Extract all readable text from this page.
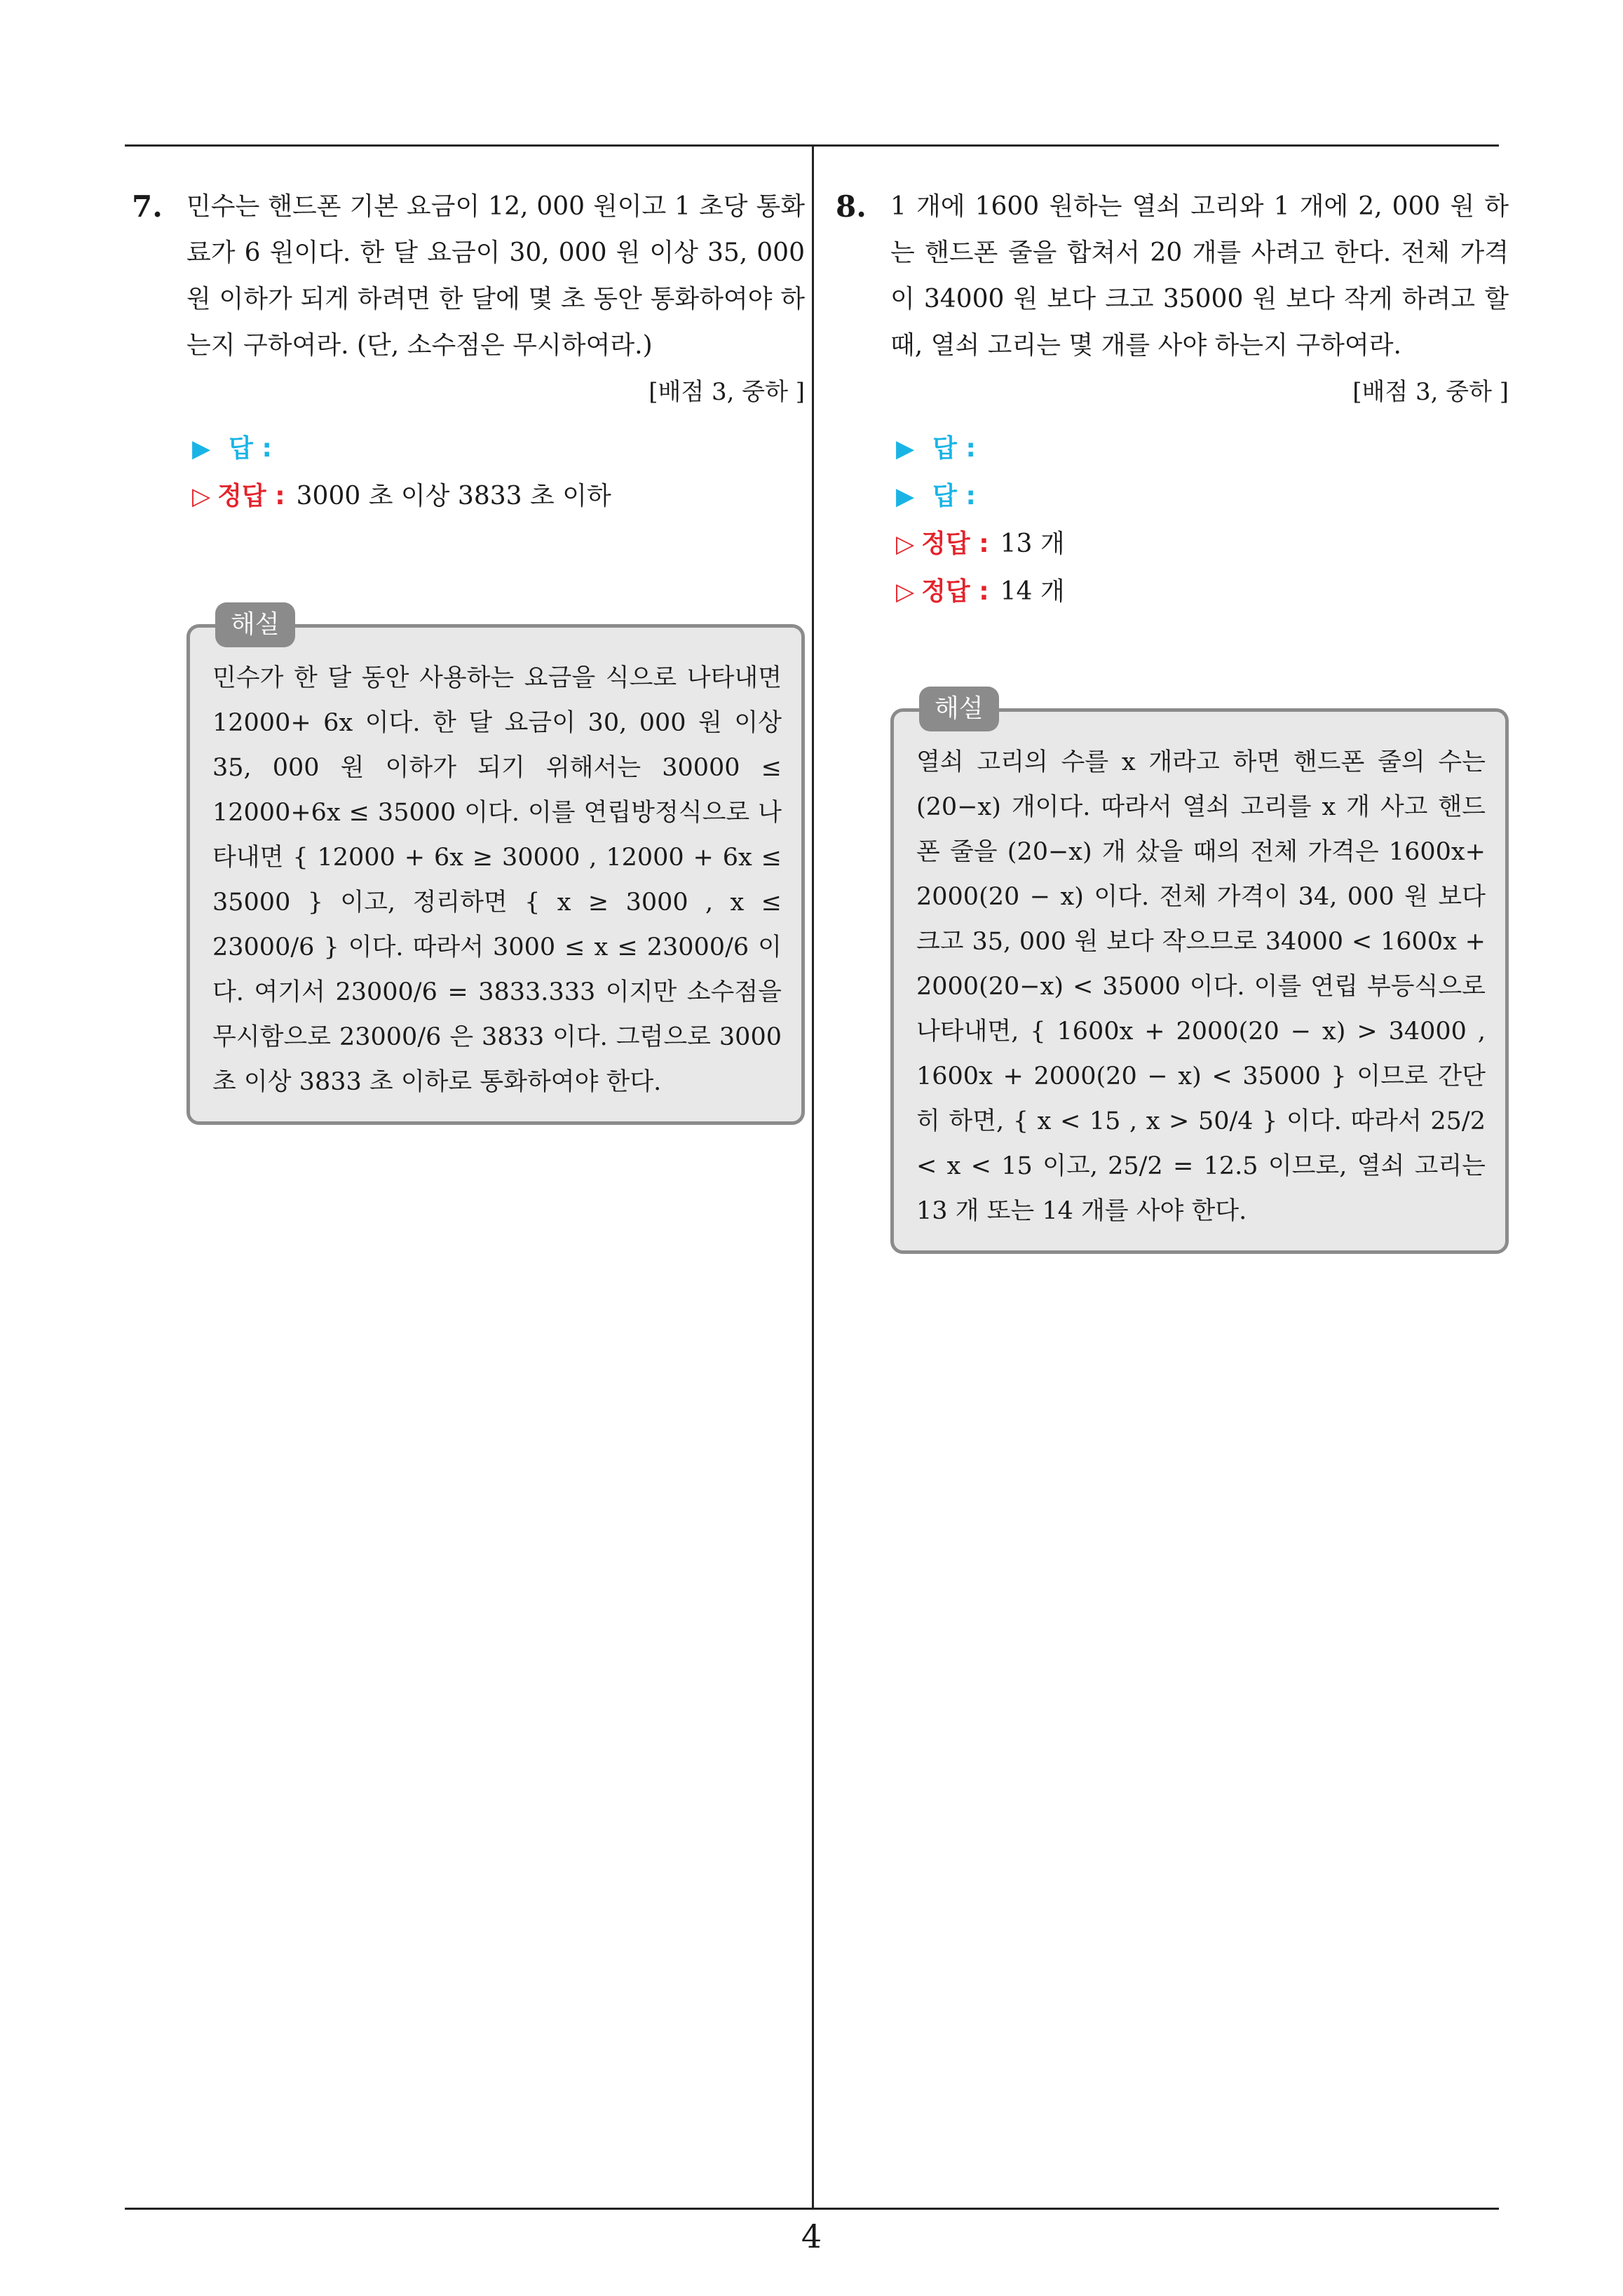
7. 민수는 핸드폰 기본 요금이 12, 000 원이고 1 초당 통화료가 6 원이다. 한 달 요금이 30, 000 원 이상 35, 000 원 이하가 되게 하려면 한 달에 몇 초 동안 통화하여야 하는지 구하여라. (단, 소수점은 무시하여라.)
[배점 3, 중하 ]
▶ 답 :
▷ 정답 : 3000 초 이상 3833 초 이하
해설
민수가 한 달 동안 사용하는 요금을 식으로 나타내면 12000+ 6x 이다. 한 달 요금이 30, 000 원 이상 35, 000 원 이하가 되기 위해서는 30000 ≤ 12000+6x ≤ 35000 이다. 이를 연립방정식으로 나타내면 { 12000 + 6x ≥ 30000 , 12000 + 6x ≤ 35000 } 이고, 정리하면 { x ≥ 3000 , x ≤ 23000/6 } 이다. 따라서 3000 ≤ x ≤ 23000/6 이다. 여기서 23000/6 = 3833.333 이지만 소수점을 무시함으로 23000/6 은 3833 이다. 그럼으로 3000 초 이상 3833 초 이하로 통화하여야 한다.
8. 1 개에 1600 원하는 열쇠 고리와 1 개에 2, 000 원 하는 핸드폰 줄을 합쳐서 20 개를 사려고 한다. 전체 가격이 34000 원 보다 크고 35000 원 보다 작게 하려고 할 때, 열쇠 고리는 몇 개를 사야 하는지 구하여라.
[배점 3, 중하 ]
▶ 답 :
▶ 답 :
▷ 정답 : 13 개
▷ 정답 : 14 개
해설
열쇠 고리의 수를 x 개라고 하면 핸드폰 줄의 수는 (20−x) 개이다. 따라서 열쇠 고리를 x 개 사고 핸드폰 줄을 (20−x) 개 샀을 때의 전체 가격은 1600x+ 2000(20 − x) 이다. 전체 가격이 34, 000 원 보다 크고 35, 000 원 보다 작으므로 34000 < 1600x + 2000(20−x) < 35000 이다. 이를 연립 부등식으로 나타내면, { 1600x + 2000(20 − x) > 34000 , 1600x + 2000(20 − x) < 35000 } 이므로 간단히 하면, { x < 15 , x > 50/4 } 이다. 따라서 25/2 < x < 15 이고, 25/2 = 12.5 이므로, 열쇠 고리는 13 개 또는 14 개를 사야 한다.
4
